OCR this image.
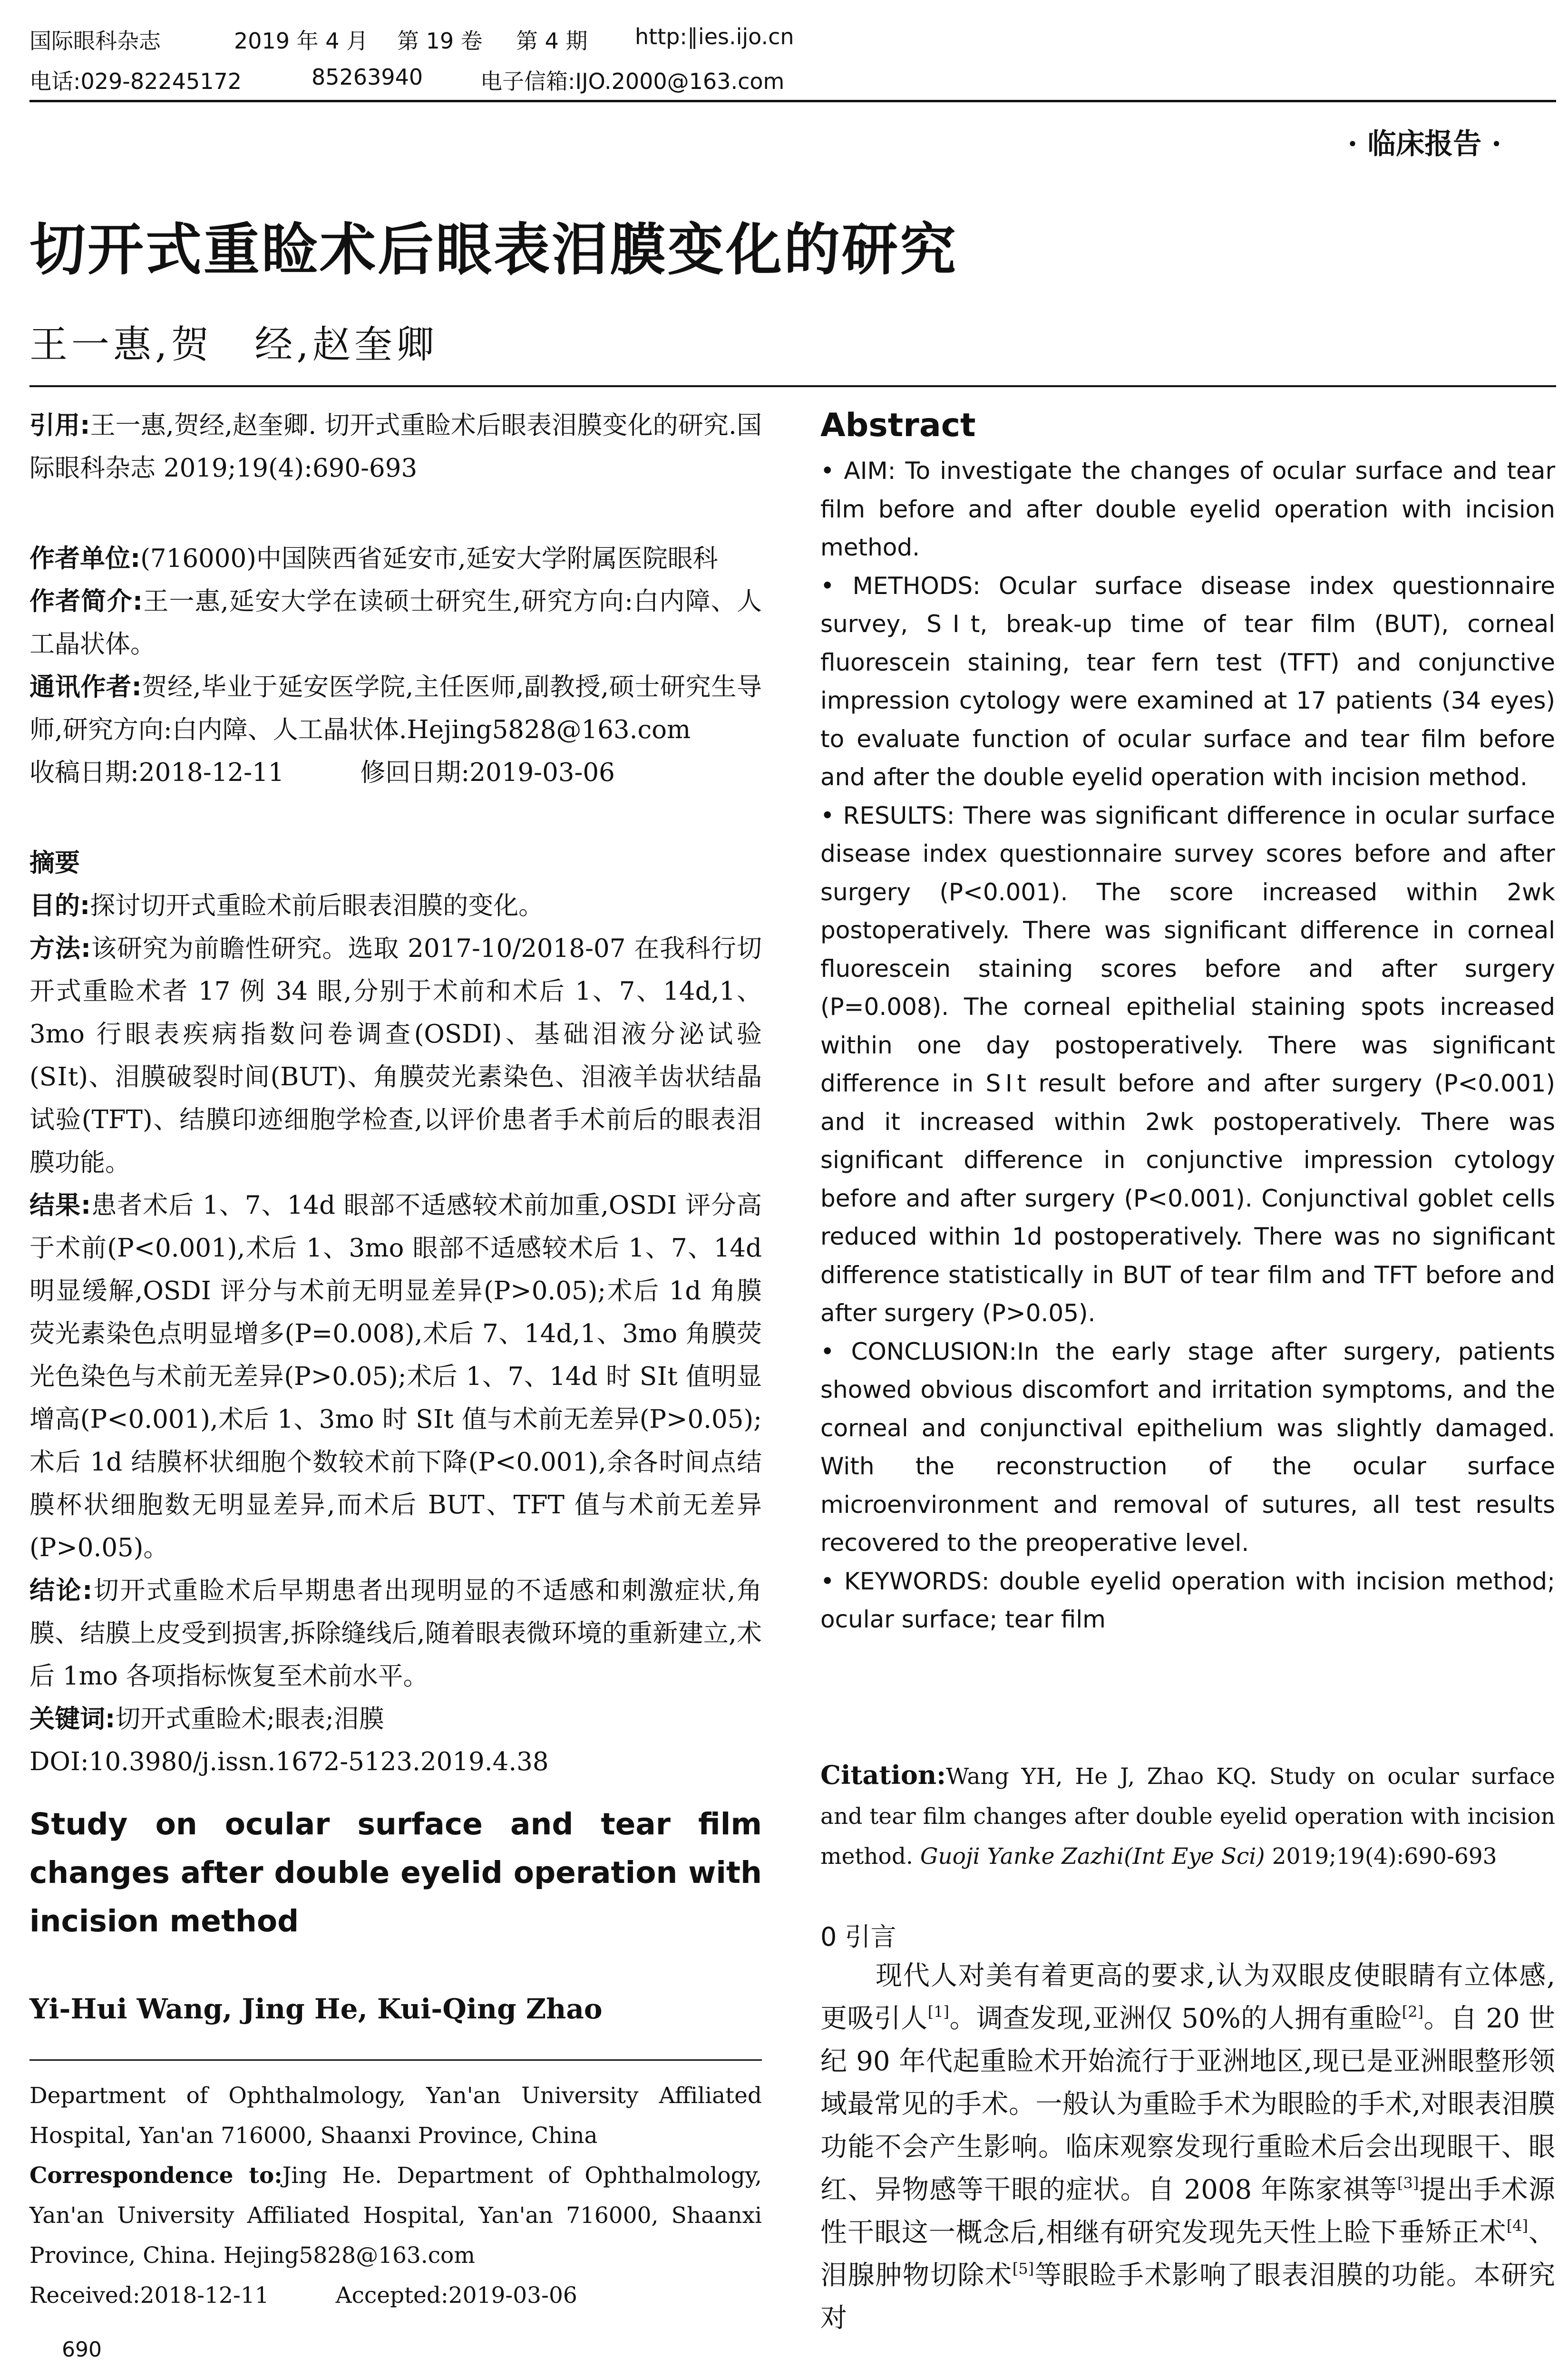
国际眼科杂志	2019 年 4 月 第 19 卷 第 4 期 http:∥ies.ijo.cn
电话:029-82245172	85263940	电子信箱:IJO.2000@163.com
· 临床报告 ·
切开式重睑术后眼表泪膜变化的研究
王一惠,贺　经,赵奎卿

引用:王一惠,贺经,赵奎卿. 切开式重睑术后眼表泪膜变化的研究.国际眼科杂志 2019;19(4):690-693

作者单位:(716000)中国陕西省延安市,延安大学附属医院眼科

作者简介:王一惠,延安大学在读硕士研究生,研究方向:白内障、人工晶状体。

通讯作者:贺经,毕业于延安医学院,主任医师,副教授,硕士研究生导师,研究方向:白内障、人工晶状体.Hejing5828@163.com

收稿日期:2018-12-11	修回日期:2019-03-06

摘要

目的:探讨切开式重睑术前后眼表泪膜的变化。

方法:该研究为前瞻性研究。选取 2017-10/2018-07 在我科行切开式重睑术者 17 例 34 眼,分别于术前和术后 1、7、14d,1、3mo 行眼表疾病指数问卷调查(OSDI)、基础泪液分泌试验(SⅠt)、泪膜破裂时间(BUT)、角膜荧光素染色、泪液羊齿状结晶试验(TFT)、结膜印迹细胞学检查,以评价患者手术前后的眼表泪膜功能。

结果:患者术后 1、7、14d 眼部不适感较术前加重,OSDI 评分高于术前(P<0.001),术后 1、3mo 眼部不适感较术后 1、7、14d 明显缓解,OSDI 评分与术前无明显差异(P>0.05);术后 1d 角膜荧光素染色点明显增多(P=0.008),术后 7、14d,1、3mo 角膜荧光色染色与术前无差异(P>0.05);术后 1、7、14d 时 SⅠt 值明显增高(P<0.001),术后 1、3mo 时 SⅠt 值与术前无差异(P>0.05);术后 1d 结膜杯状细胞个数较术前下降(P<0.001),余各时间点结膜杯状细胞数无明显差异,而术后 BUT、TFT 值与术前无差异(P>0.05)。

结论:切开式重睑术后早期患者出现明显的不适感和刺激症状,角膜、结膜上皮受到损害,拆除缝线后,随着眼表微环境的重新建立,术后 1mo 各项指标恢复至术前水平。

关键词:切开式重睑术;眼表;泪膜

DOI:10.3980/j.issn.1672-5123.2019.4.38

Study on ocular surface and tear film changes after double eyelid operation with incision method
Yi-Hui Wang, Jing He, Kui-Qing Zhao

Department of Ophthalmology, Yan'an University Affiliated Hospital, Yan'an 716000, Shaanxi Province, China

Correspondence to:Jing He. Department of Ophthalmology, Yan'an University Affiliated Hospital, Yan'an 716000, Shaanxi Province, China. Hejing5828@163.com

Received:2018-12-11	Accepted:2019-03-06

Abstract

• AIM: To investigate the changes of ocular surface and tear film before and after double eyelid operation with incision method.

• METHODS: Ocular surface disease index questionnaire survey, SⅠt, break-up time of tear film (BUT), corneal fluorescein staining, tear fern test (TFT) and conjunctive impression cytology were examined at 17 patients (34 eyes) to evaluate function of ocular surface and tear film before and after the double eyelid operation with incision method.

• RESULTS: There was significant difference in ocular surface disease index questionnaire survey scores before and after surgery (P<0.001). The score increased within 2wk postoperatively. There was significant difference in corneal fluorescein staining scores before and after surgery (P=0.008). The corneal epithelial staining spots increased within one day postoperatively. There was significant difference in SⅠt result before and after surgery (P<0.001) and it increased within 2wk postoperatively. There was significant difference in conjunctive impression cytology before and after surgery (P<0.001). Conjunctival goblet cells reduced within 1d postoperatively. There was no significant difference statistically in BUT of tear film and TFT before and after surgery (P>0.05).

• CONCLUSION:In the early stage after surgery, patients showed obvious discomfort and irritation symptoms, and the corneal and conjunctival epithelium was slightly damaged. With the reconstruction of the ocular surface microenvironment and removal of sutures, all test results recovered to the preoperative level.

• KEYWORDS: double eyelid operation with incision method; ocular surface; tear film

Citation:Wang YH, He J, Zhao KQ. Study on ocular surface and tear film changes after double eyelid operation with incision method. Guoji Yanke Zazhi(Int Eye Sci) 2019;19(4):690-693

0 引言

　　现代人对美有着更高的要求,认为双眼皮使眼睛有立体感,更吸引人[1]。调查发现,亚洲仅 50%的人拥有重睑[2]。自 20 世纪 90 年代起重睑术开始流行于亚洲地区,现已是亚洲眼整形领域最常见的手术。一般认为重睑手术为眼睑的手术,对眼表泪膜功能不会产生影响。临床观察发现行重睑术后会出现眼干、眼红、异物感等干眼的症状。自 2008 年陈家祺等[3]提出手术源性干眼这一概念后,相继有研究发现先天性上睑下垂矫正术[4]、泪腺肿物切除术[5]等眼睑手术影响了眼表泪膜的功能。本研究对

690
